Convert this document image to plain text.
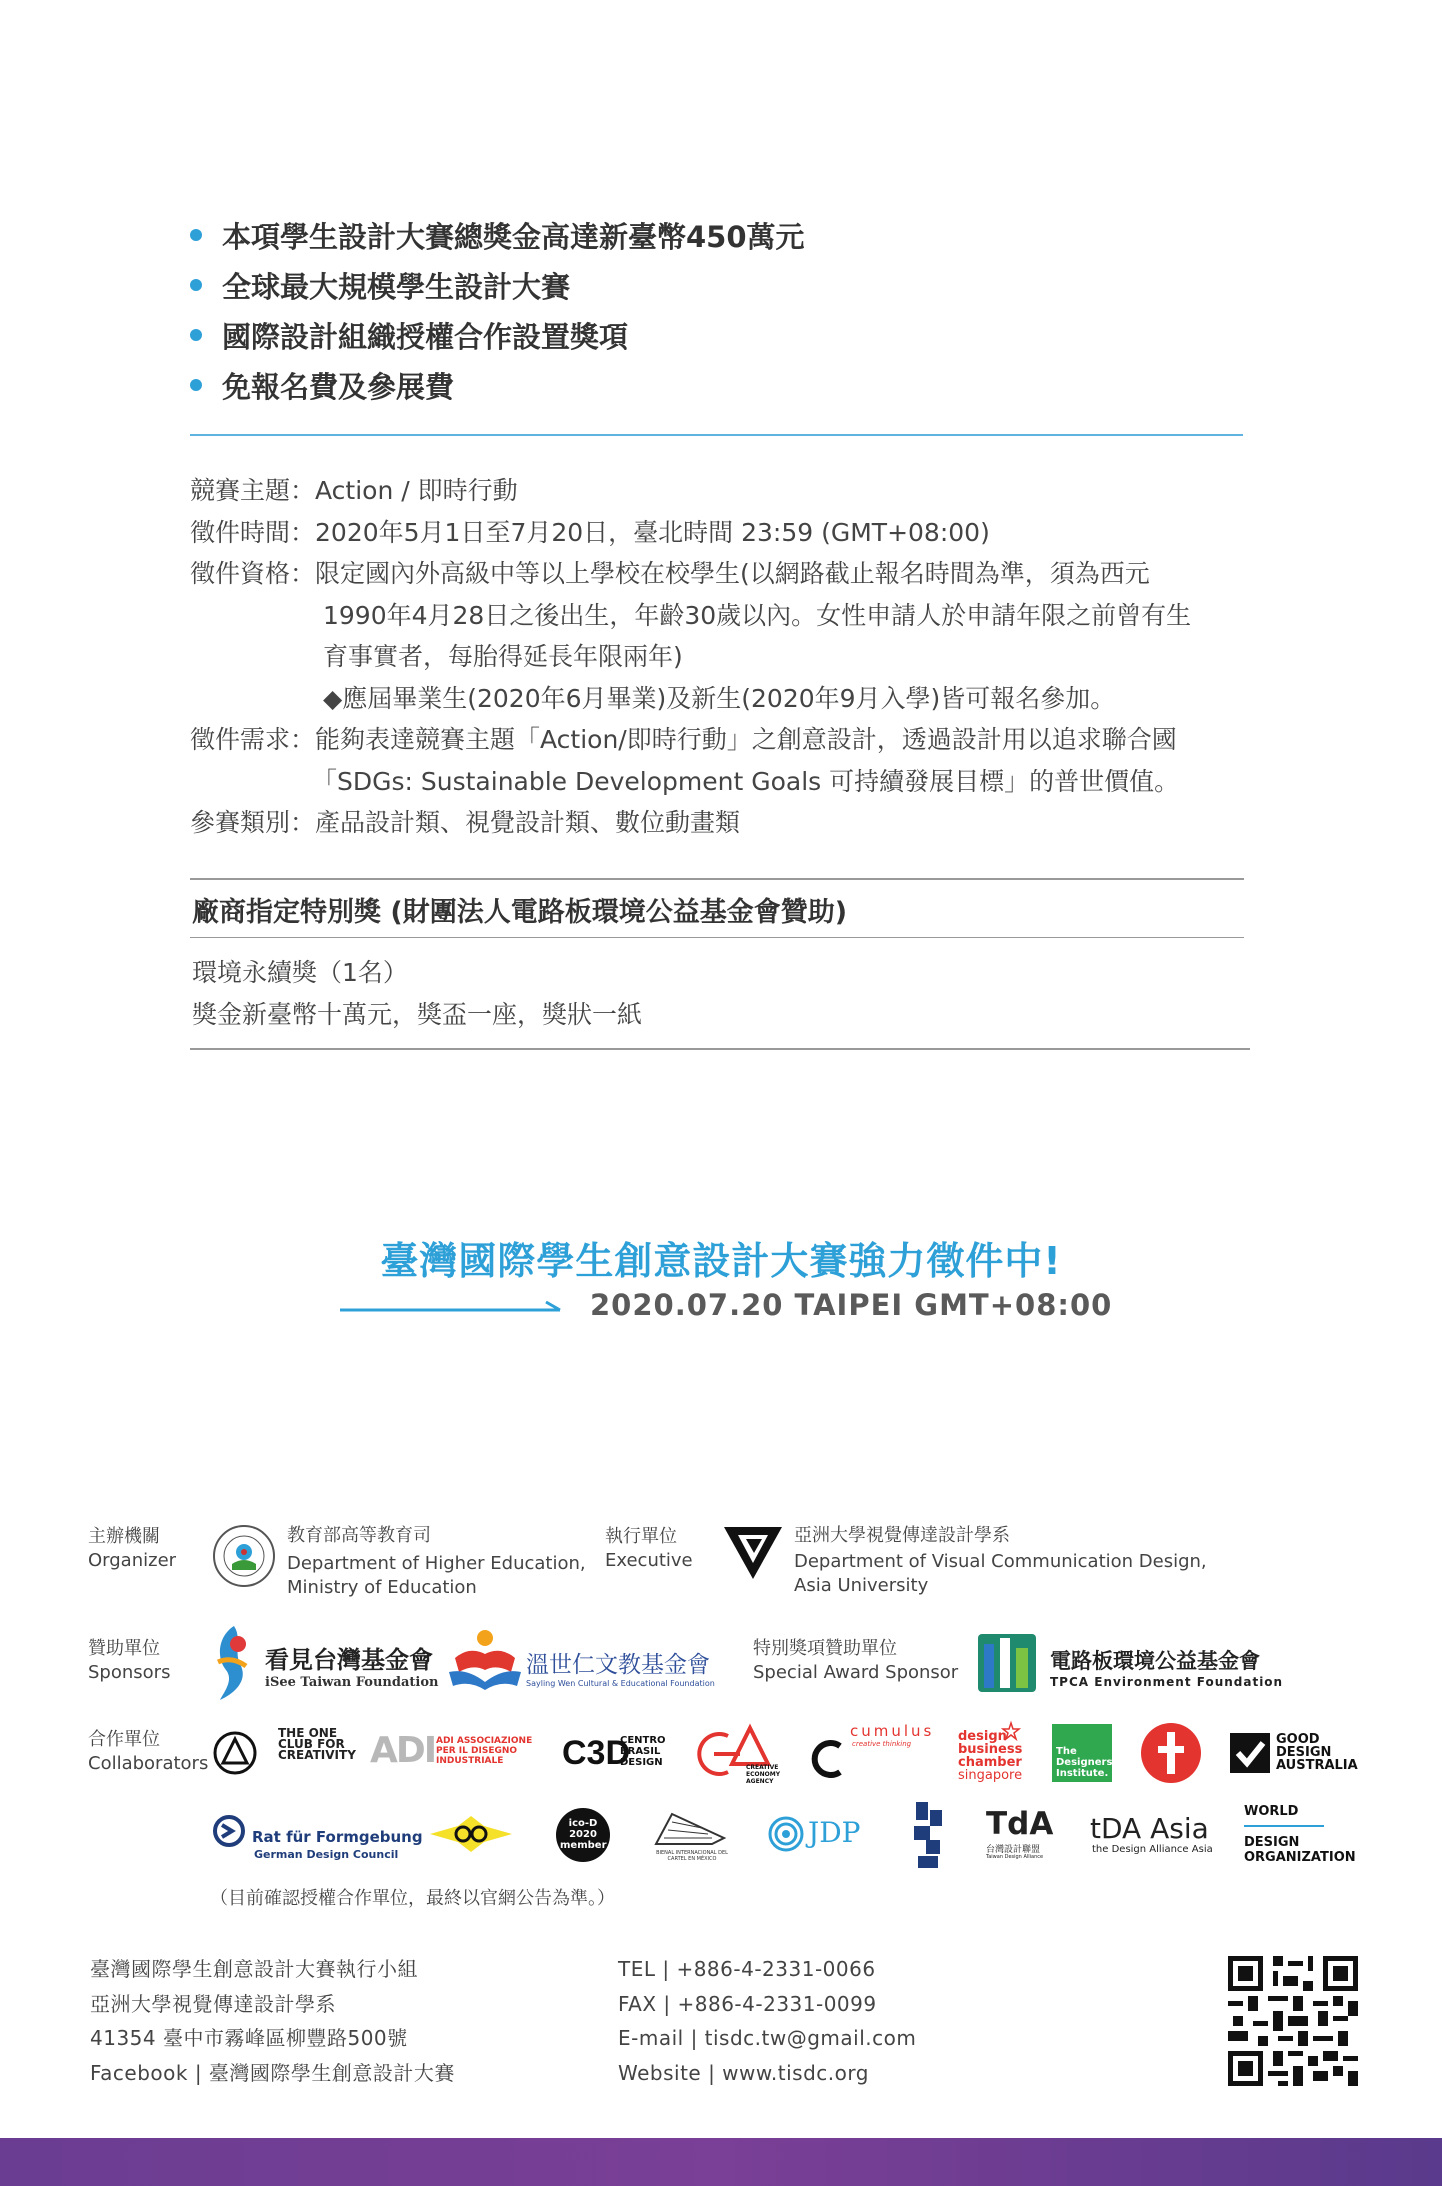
本項學生設計大賽總獎金高達新臺幣450萬元
全球最大規模學生設計大賽
國際設計組織授權合作設置獎項
免報名費及參展費
競賽主題： Action / 即時行動
徵件時間： 2020年5月1日至7月20日，臺北時間 23:59 (GMT+08:00)
徵件資格： 限定國內外高級中等以上學校在校學生(以網路截止報名時間為準，須為西元
1990年4月28日之後出生，年齡30歲以內。女性申請人於申請年限之前曾有生
育事實者，每胎得延長年限兩年)
◆應屆畢業生(2020年6月畢業)及新生(2020年9月入學)皆可報名參加。
徵件需求： 能夠表達競賽主題「Action/即時行動」之創意設計，透過設計用以追求聯合國
「SDGs: Sustainable Development Goals 可持續發展目標」的普世價值。
參賽類別： 產品設計類、視覺設計類、數位動畫類
廠商指定特別獎 (財團法人電路板環境公益基金會贊助)
環境永續獎（1名）
獎金新臺幣十萬元，獎盃一座，獎狀一紙
臺灣國際學生創意設計大賽強力徵件中!
2020.07.20 TAIPEI GMT+08:00
主辦機關
Organizer
教育部高等教育司
Department of Higher Education,
Ministry of Education
執行單位
Executive
亞洲大學視覺傳達設計學系
Department of Visual Communication Design,
Asia University
贊助單位
Sponsors	看見台灣基金會
iSee Taiwan Foundation
溫世仁文教基金會
Sayling Wen Cultural & Educational Foundation
特別獎項贊助單位
Special Award Sponsor	電路板環境公益基金會
TPCA Environment Foundation
合作單位
Collaborators
THE ONE CLUB FOR CREATIVITY ADI ADI ASSOCIAZIONE PER IL DISEGNO INDUSTRIALE	C3D
CENTRO BRASIL DESIGN	CREATIVE ECONOMY AGENCY
cumulus
creative thinking	design
business
chamber
singapore
The Designers Institute.
GOOD DESIGN AUSTRALIA
Rat für Formgebung
German Design Council
ico-D 2020 member
BIENAL INTERNACIONAL DEL CARTEL EN MÉXICO
JDP	TdA
台灣設計聯盟
Taiwan Design Alliance
tDA Asia
the Design Alliance Asia
WORLD
DESIGN
ORGANIZATION
（目前確認授權合作單位，最終以官網公告為準。）
臺灣國際學生創意設計大賽執行小組
亞洲大學視覺傳達設計學系
41354 臺中市霧峰區柳豐路500號
Facebook | 臺灣國際學生創意設計大賽
TEL | +886-4-2331-0066
FAX | +886-4-2331-0099
E-mail | tisdc.tw@gmail.com
Website | www.tisdc.org
